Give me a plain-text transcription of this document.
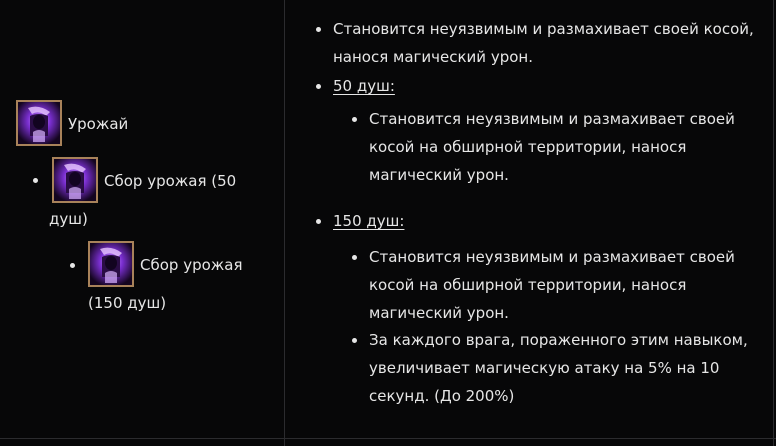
Урожай
Сбор урожая (50
душ)
Сбор урожая
(150 душ)
Становится неуязвимым и размахивает своей косой,
нанося магический урон.
50 душ:
Становится неуязвимым и размахивает своей
косой на обширной территории, нанося
магический урон.
150 душ:
Становится неуязвимым и размахивает своей
косой на обширной территории, нанося
магический урон.
За каждого врага, пораженного этим навыком,
увеличивает магическую атаку на 5% на 10
секунд. (До 200%)
